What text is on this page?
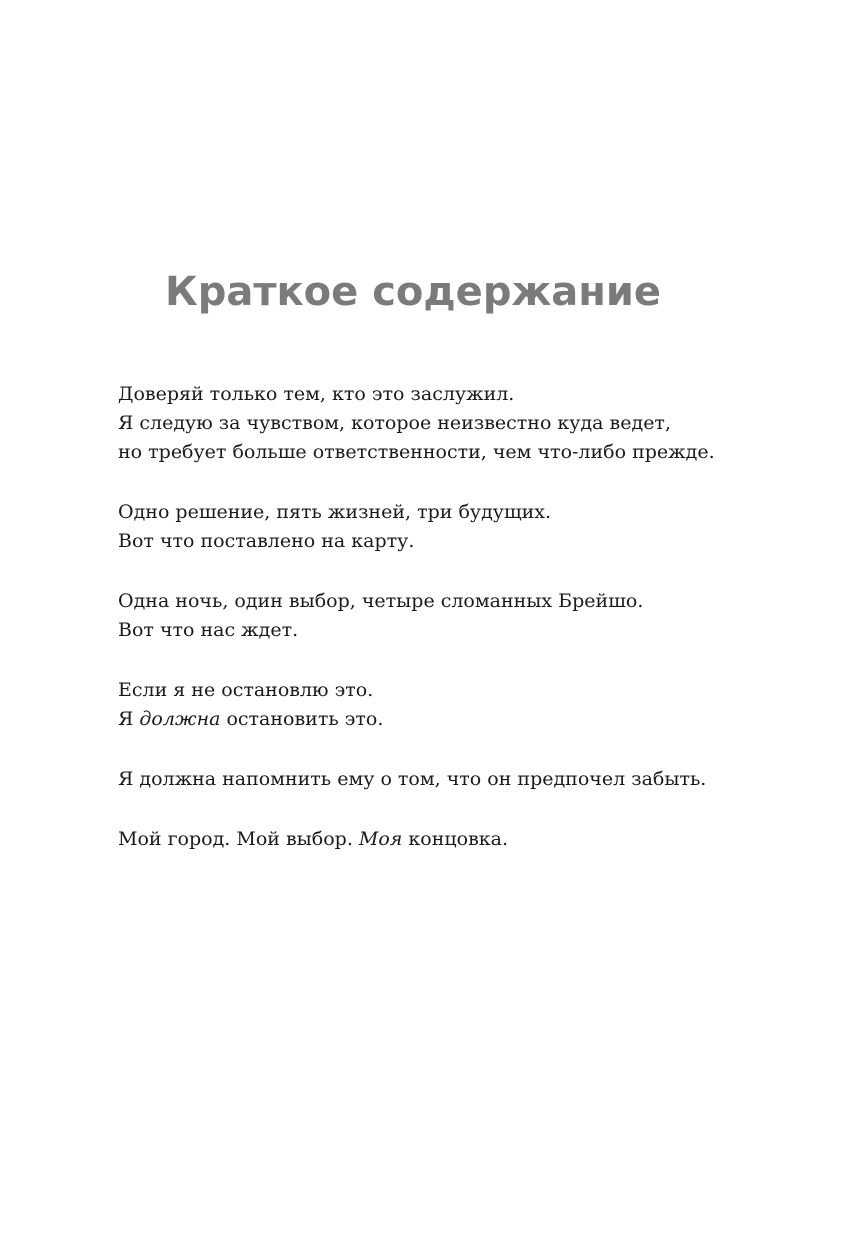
Краткое содержание

Доверяй только тем, кто это заслужил.
Я следую за чувством, которое неизвестно куда ведет,
но требует больше ответственности, чем что-либо прежде.

Одно решение, пять жизней, три будущих.
Вот что поставлено на карту.

Одна ночь, один выбор, четыре сломанных Брейшо.
Вот что нас ждет.

Если я не остановлю это.
Я должна остановить это.

Я должна напомнить ему о том, что он предпочел забыть.

Мой город. Мой выбор. Моя концовка.
